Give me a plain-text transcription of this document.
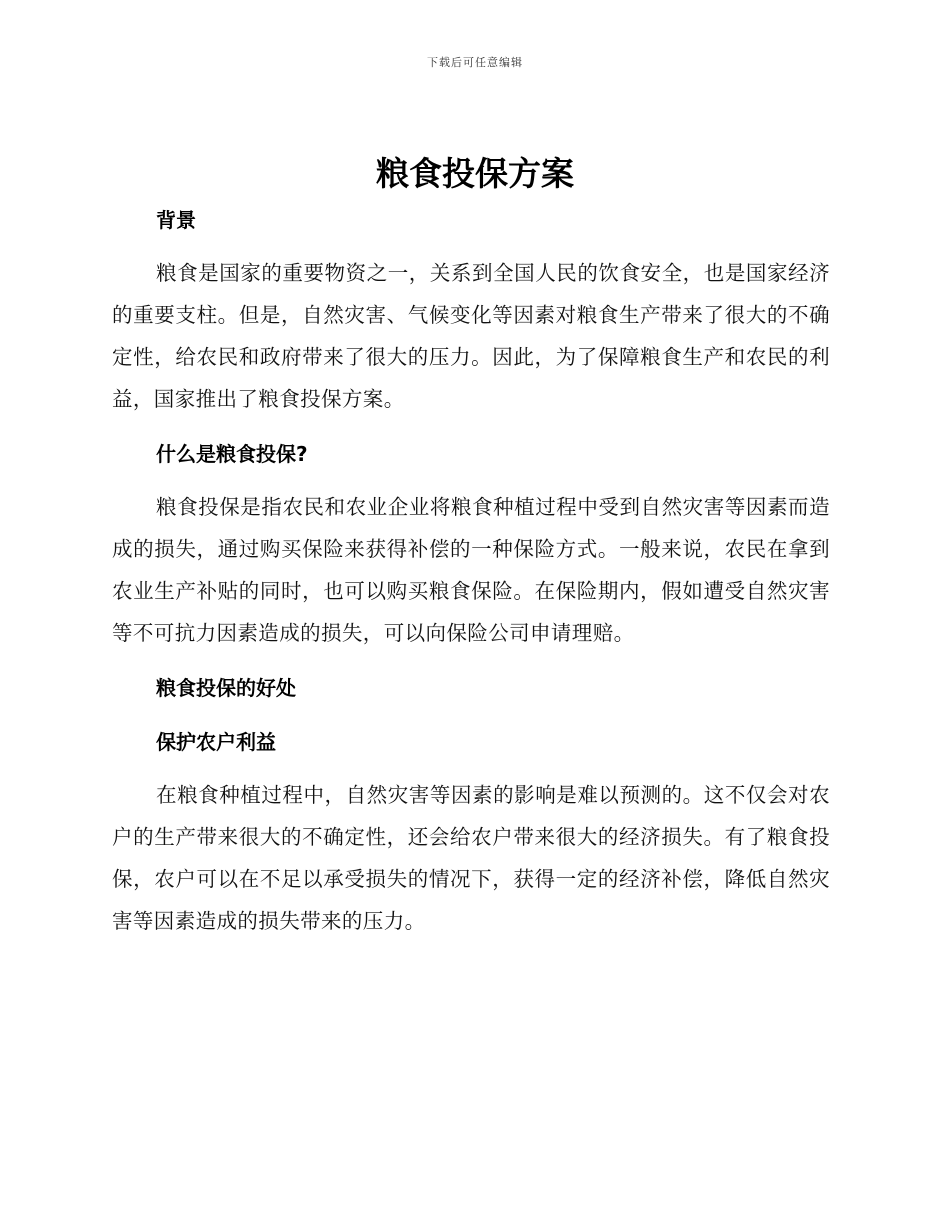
下载后可任意编辑
粮食投保方案
背景

粮食是国家的重要物资之一，关系到全国人民的饮食安全，也是国家经济的重要支柱。但是，自然灾害、气候变化等因素对粮食生产带来了很大的不确定性，给农民和政府带来了很大的压力。因此，为了保障粮食生产和农民的利益，国家推出了粮食投保方案。

什么是粮食投保?

粮食投保是指农民和农业企业将粮食种植过程中受到自然灾害等因素而造成的损失，通过购买保险来获得补偿的一种保险方式。一般来说，农民在拿到农业生产补贴的同时，也可以购买粮食保险。在保险期内，假如遭受自然灾害等不可抗力因素造成的损失，可以向保险公司申请理赔。

粮食投保的好处
保护农户利益

在粮食种植过程中，自然灾害等因素的影响是难以预测的。这不仅会对农户的生产带来很大的不确定性，还会给农户带来很大的经济损失。有了粮食投保，农户可以在不足以承受损失的情况下，获得一定的经济补偿，降低自然灾害等因素造成的损失带来的压力。
